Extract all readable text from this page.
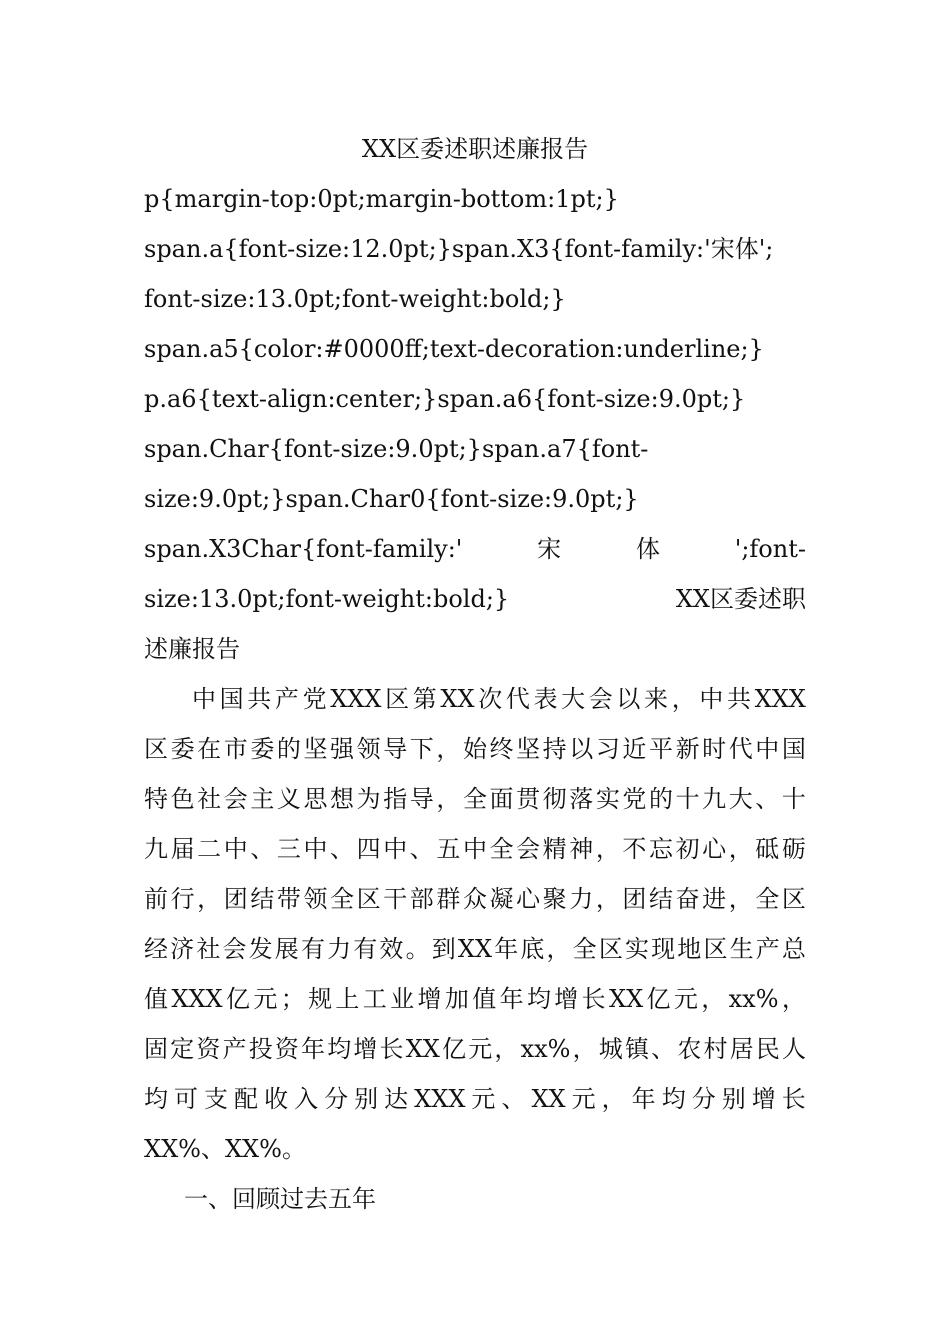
XX区委述职述廉报告

p{margin-top:0pt;margin-bottom:1pt;}

span.a{font-size:12.0pt;}span.X3{font-family:'宋体';

font-size:13.0pt;font-weight:bold;}

span.a5{color:#0000ff;text-decoration:underline;}

p.a6{text-align:center;}span.a6{font-size:9.0pt;}

span.Char{font-size:9.0pt;}span.a7{font-

size:9.0pt;}span.Char0{font-size:9.0pt;}

span.X3Char{font-family:'	宋	体	';font-

size:13.0pt;font-weight:bold;}	XX区委述职

述廉报告

中 国 共 产 党 XXX 区 第 XX 次 代 表 大 会 以 来 ， 中 共 XXX
区 委 在 市 委 的 坚 强 领 导 下 ， 始 终 坚 持 以 习 近 平 新 时 代 中 国
特 色 社 会 主 义 思 想 为 指 导 ， 全 面 贯 彻 落 实 党 的 十 九 大 、 十
九 届 二 中 、 三 中 、 四 中 、 五 中 全 会 精 神 ， 不 忘 初 心 ， 砥 砺
前 行 ， 团 结 带 领 全 区 干 部 群 众 凝 心 聚 力 ， 团 结 奋 进 ， 全 区
经 济 社 会 发 展 有 力 有 效 。 到 XX 年 底 ， 全 区 实 现 地 区 生 产 总
值 XXX 亿 元 ； 规 上 工 业 增 加 值 年 均 增 长 XX 亿 元 ， xx% ，
固 定 资 产 投 资 年 均 增 长 XX 亿 元 ， xx% ， 城 镇 、 农 村 居 民 人
均 可 支 配 收 入 分 别 达 XXX 元 、 XX 元 ， 年 均 分 别 增 长
XX%、XX%。

一、回顾过去五年
